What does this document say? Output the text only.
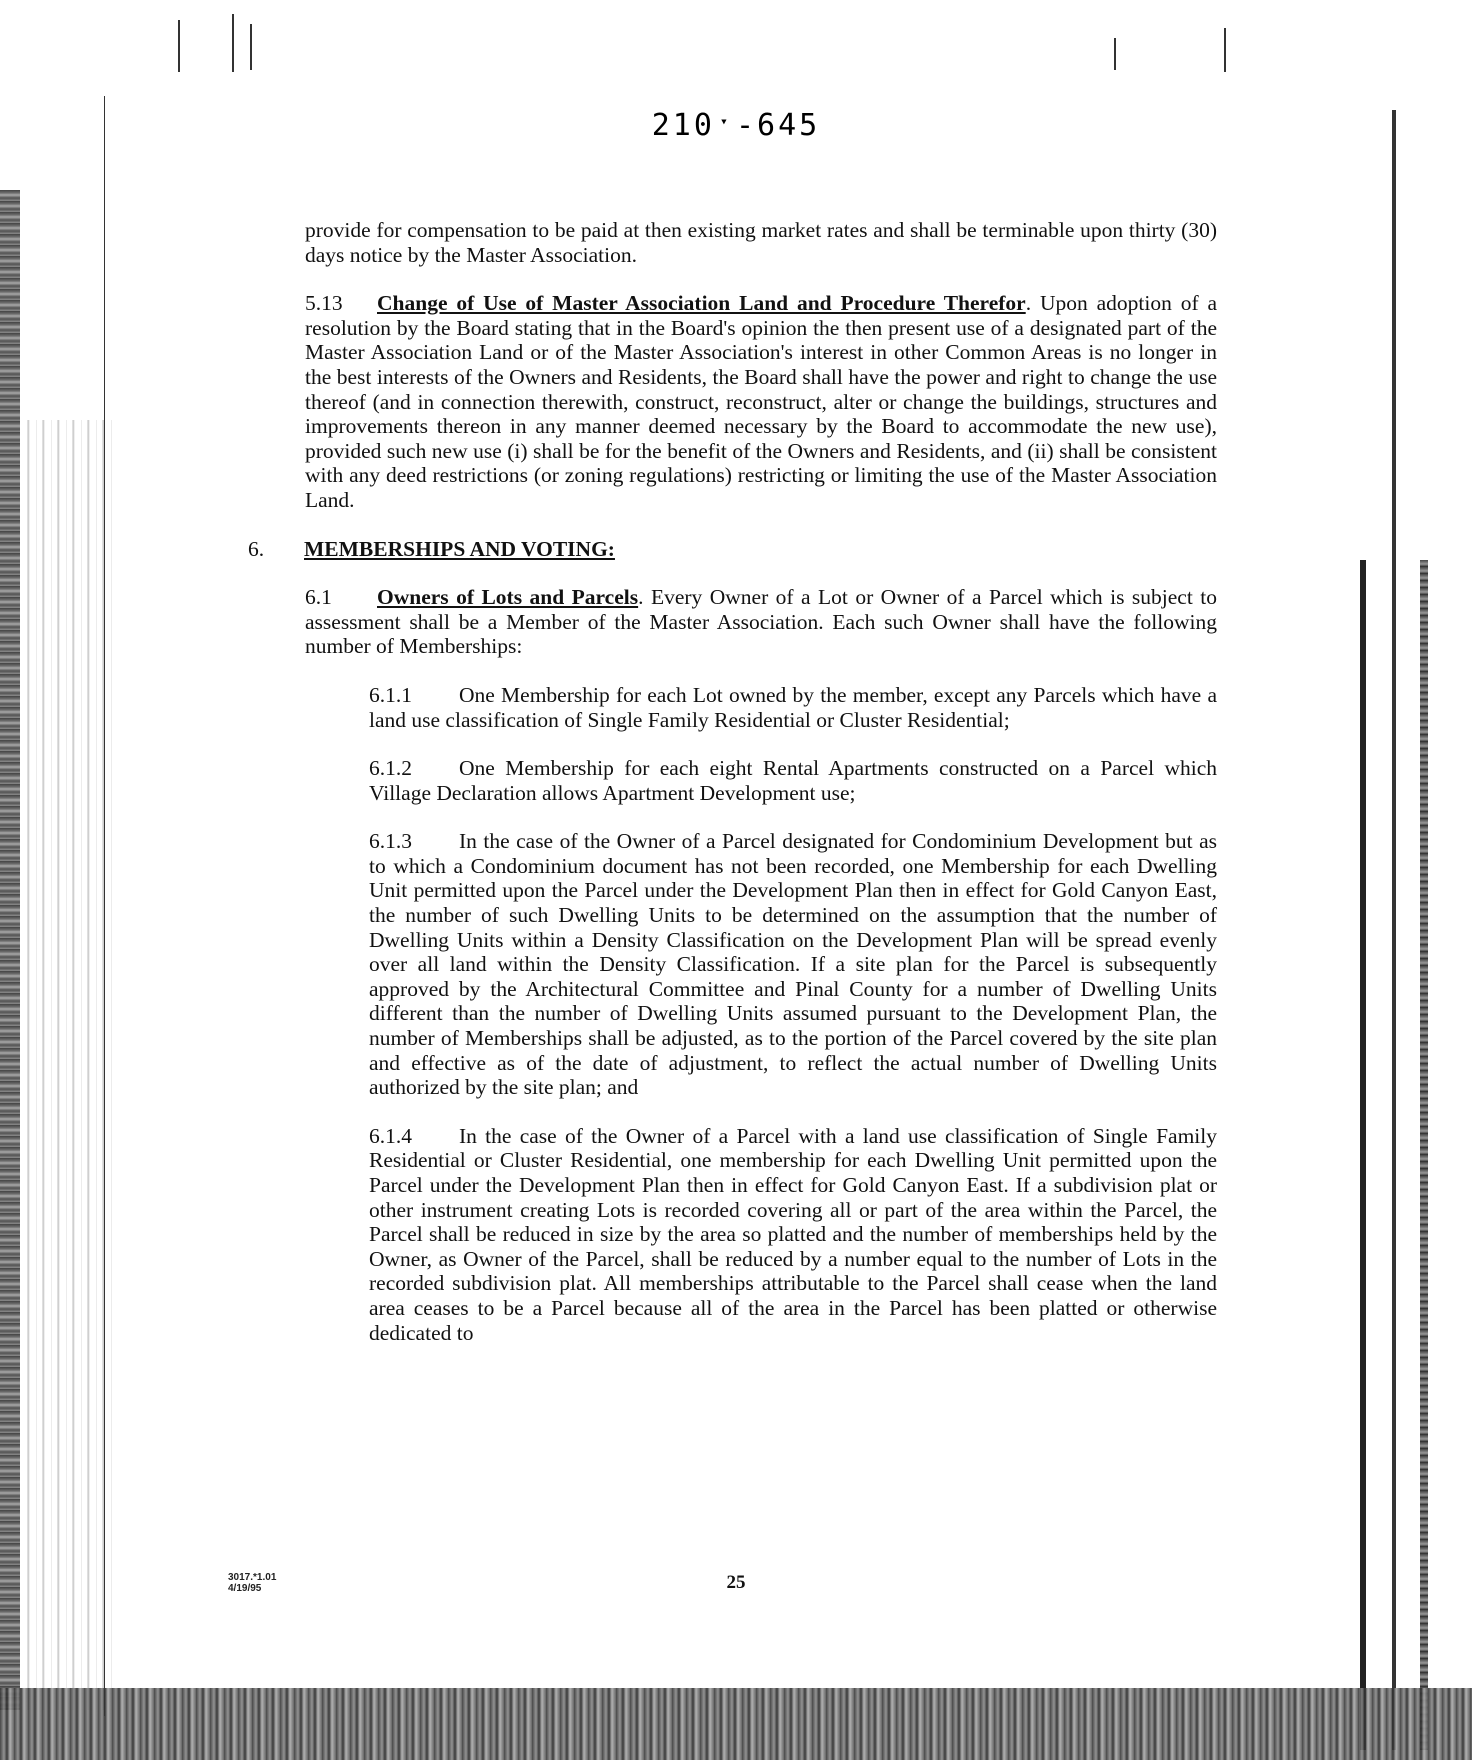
210ˑ-645

provide for compensation to be paid at then existing market rates and shall be terminable upon thirty (30) days notice by the Master Association.

5.13 Change of Use of Master Association Land and Procedure Therefor. Upon adoption of a resolution by the Board stating that in the Board's opinion the then present use of a designated part of the Master Association Land or of the Master Association's interest in other Common Areas is no longer in the best interests of the Owners and Residents, the Board shall have the power and right to change the use thereof (and in connection therewith, construct, reconstruct, alter or change the buildings, structures and improvements thereon in any manner deemed necessary by the Board to accommodate the new use), provided such new use (i) shall be for the benefit of the Owners and Residents, and (ii) shall be consistent with any deed restrictions (or zoning regulations) restricting or limiting the use of the Master Association Land.

6. MEMBERSHIPS AND VOTING:

6.1 Owners of Lots and Parcels. Every Owner of a Lot or Owner of a Parcel which is subject to assessment shall be a Member of the Master Association. Each such Owner shall have the following number of Memberships:

6.1.1 One Membership for each Lot owned by the member, except any Parcels which have a land use classification of Single Family Residential or Cluster Residential;

6.1.2 One Membership for each eight Rental Apartments constructed on a Parcel which Village Declaration allows Apartment Development use;

6.1.3 In the case of the Owner of a Parcel designated for Condominium Development but as to which a Condominium document has not been recorded, one Membership for each Dwelling Unit permitted upon the Parcel under the Development Plan then in effect for Gold Canyon East, the number of such Dwelling Units to be determined on the assumption that the number of Dwelling Units within a Density Classification on the Development Plan will be spread evenly over all land within the Density Classification. If a site plan for the Parcel is subsequently approved by the Architectural Committee and Pinal County for a number of Dwelling Units different than the number of Dwelling Units assumed pursuant to the Development Plan, the number of Memberships shall be adjusted, as to the portion of the Parcel covered by the site plan and effective as of the date of adjustment, to reflect the actual number of Dwelling Units authorized by the site plan; and

6.1.4 In the case of the Owner of a Parcel with a land use classification of Single Family Residential or Cluster Residential, one membership for each Dwelling Unit permitted upon the Parcel under the Development Plan then in effect for Gold Canyon East. If a subdivision plat or other instrument creating Lots is recorded covering all or part of the area within the Parcel, the Parcel shall be reduced in size by the area so platted and the number of memberships held by the Owner, as Owner of the Parcel, shall be reduced by a number equal to the number of Lots in the recorded subdivision plat. All memberships attributable to the Parcel shall cease when the land area ceases to be a Parcel because all of the area in the Parcel has been platted or otherwise dedicated to

3017.*1.01
4/19/95	25
